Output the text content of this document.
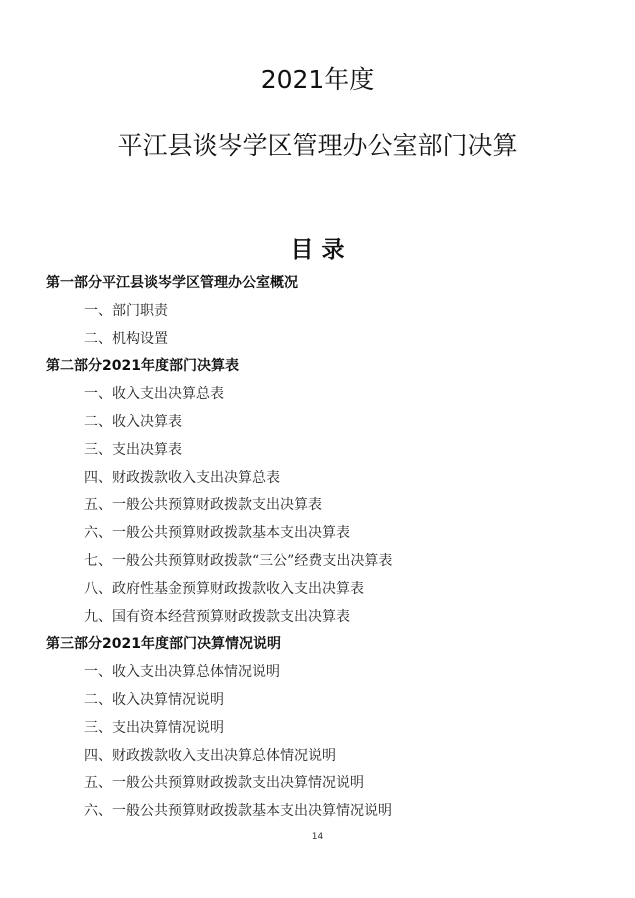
2021年度
平江县谈岑学区管理办公室部门决算
目 录
第一部分平江县谈岑学区管理办公室概况
一、部门职责
二、机构设置
第二部分2021年度部门决算表
一、收入支出决算总表
二、收入决算表
三、支出决算表
四、财政拨款收入支出决算总表
五、一般公共预算财政拨款支出决算表
六、一般公共预算财政拨款基本支出决算表
七、一般公共预算财政拨款“三公”经费支出决算表
八、政府性基金预算财政拨款收入支出决算表
九、国有资本经营预算财政拨款支出决算表
第三部分2021年度部门决算情况说明
一、收入支出决算总体情况说明
二、收入决算情况说明
三、支出决算情况说明
四、财政拨款收入支出决算总体情况说明
五、一般公共预算财政拨款支出决算情况说明
六、一般公共预算财政拨款基本支出决算情况说明
14
